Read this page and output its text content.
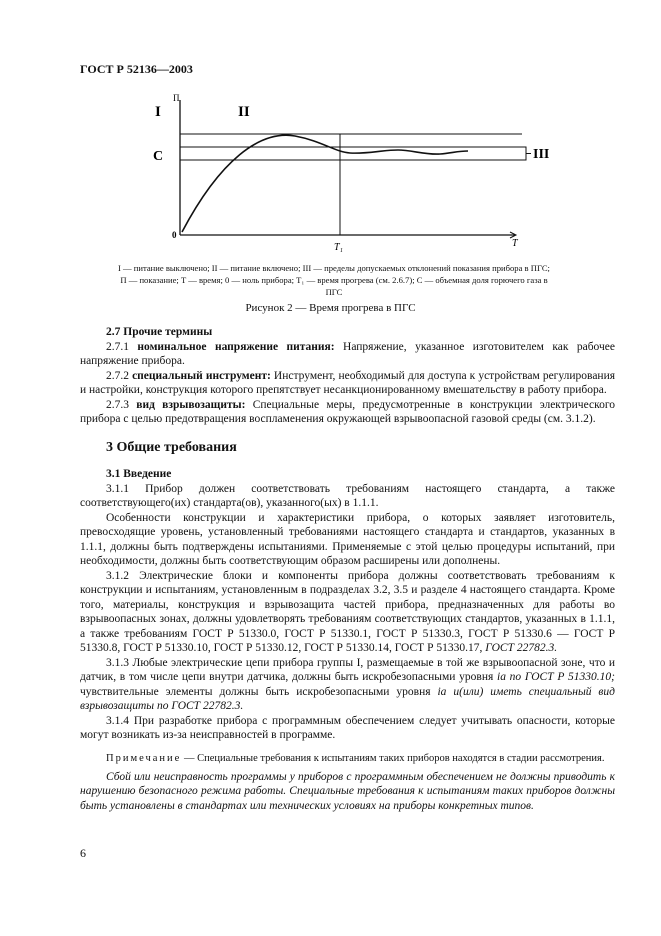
ГОСТ Р 52136—2003
I	II
C
П
0
T₁	T
III
I — питание выключено; II — питание включено; III — пределы допускаемых отклонений показания прибора в ПГС; П — показание; T — время; 0 — ноль прибора; T₁ — время прогрева (см. 2.6.7); C — объемная доля горючего газа в ПГС
Рисунок 2 — Время прогрева в ПГС

2.7 Прочие термины

2.7.1 номинальное напряжение питания: Напряжение, указанное изготовителем как рабочее напряжение прибора.

2.7.2 специальный инструмент: Инструмент, необходимый для доступа к устройствам регулирования и настройки, конструкция которого препятствует несанкционированному вмешательству в работу прибора.

2.7.3 вид взрывозащиты: Специальные меры, предусмотренные в конструкции электрического прибора с целью предотвращения воспламенения окружающей взрывоопасной газовой среды (см. 3.1.2).

3 Общие требования

3.1 Введение

3.1.1 Прибор должен соответствовать требованиям настоящего стандарта, а также соответствующего(их) стандарта(ов), указанного(ых) в 1.1.1.

Особенности конструкции и характеристики прибора, о которых заявляет изготовитель, превосходящие уровень, установленный требованиями настоящего стандарта и стандартов, указанных в 1.1.1, должны быть подтверждены испытаниями. Применяемые с этой целью процедуры испытаний, при необходимости, должны быть соответствующим образом расширены или дополнены.

3.1.2 Электрические блоки и компоненты прибора должны соответствовать требованиям к конструкции и испытаниям, установленным в подразделах 3.2, 3.5 и разделе 4 настоящего стандарта. Кроме того, материалы, конструкция и взрывозащита частей прибора, предназначенных для работы во взрывоопасных зонах, должны удовлетворять требованиям соответствующих стандартов, указанных в 1.1.1, а также требованиям ГОСТ Р 51330.0, ГОСТ Р 51330.1, ГОСТ Р 51330.3, ГОСТ Р 51330.6 — ГОСТ Р 51330.8, ГОСТ Р 51330.10, ГОСТ Р 51330.12, ГОСТ Р 51330.14, ГОСТ Р 51330.17, ГОСТ 22782.3.

3.1.3 Любые электрические цепи прибора группы I, размещаемые в той же взрывоопасной зоне, что и датчик, в том числе цепи внутри датчика, должны быть искробезопасными уровня ia по ГОСТ Р 51330.10; чувствительные элементы должны быть искробезопасными уровня ia и(или) иметь специальный вид взрывозащиты по ГОСТ 22782.3.

3.1.4 При разработке прибора с программным обеспечением следует учитывать опасности, которые могут возникать из-за неисправностей в программе.

Примечание — Специальные требования к испытаниям таких приборов находятся в стадии рассмотрения.

Сбой или неисправность программы у приборов с программным обеспечением не должны приводить к нарушению безопасного режима работы. Специальные требования к испытаниям таких приборов должны быть установлены в стандартах или технических условиях на приборы конкретных типов.

6
